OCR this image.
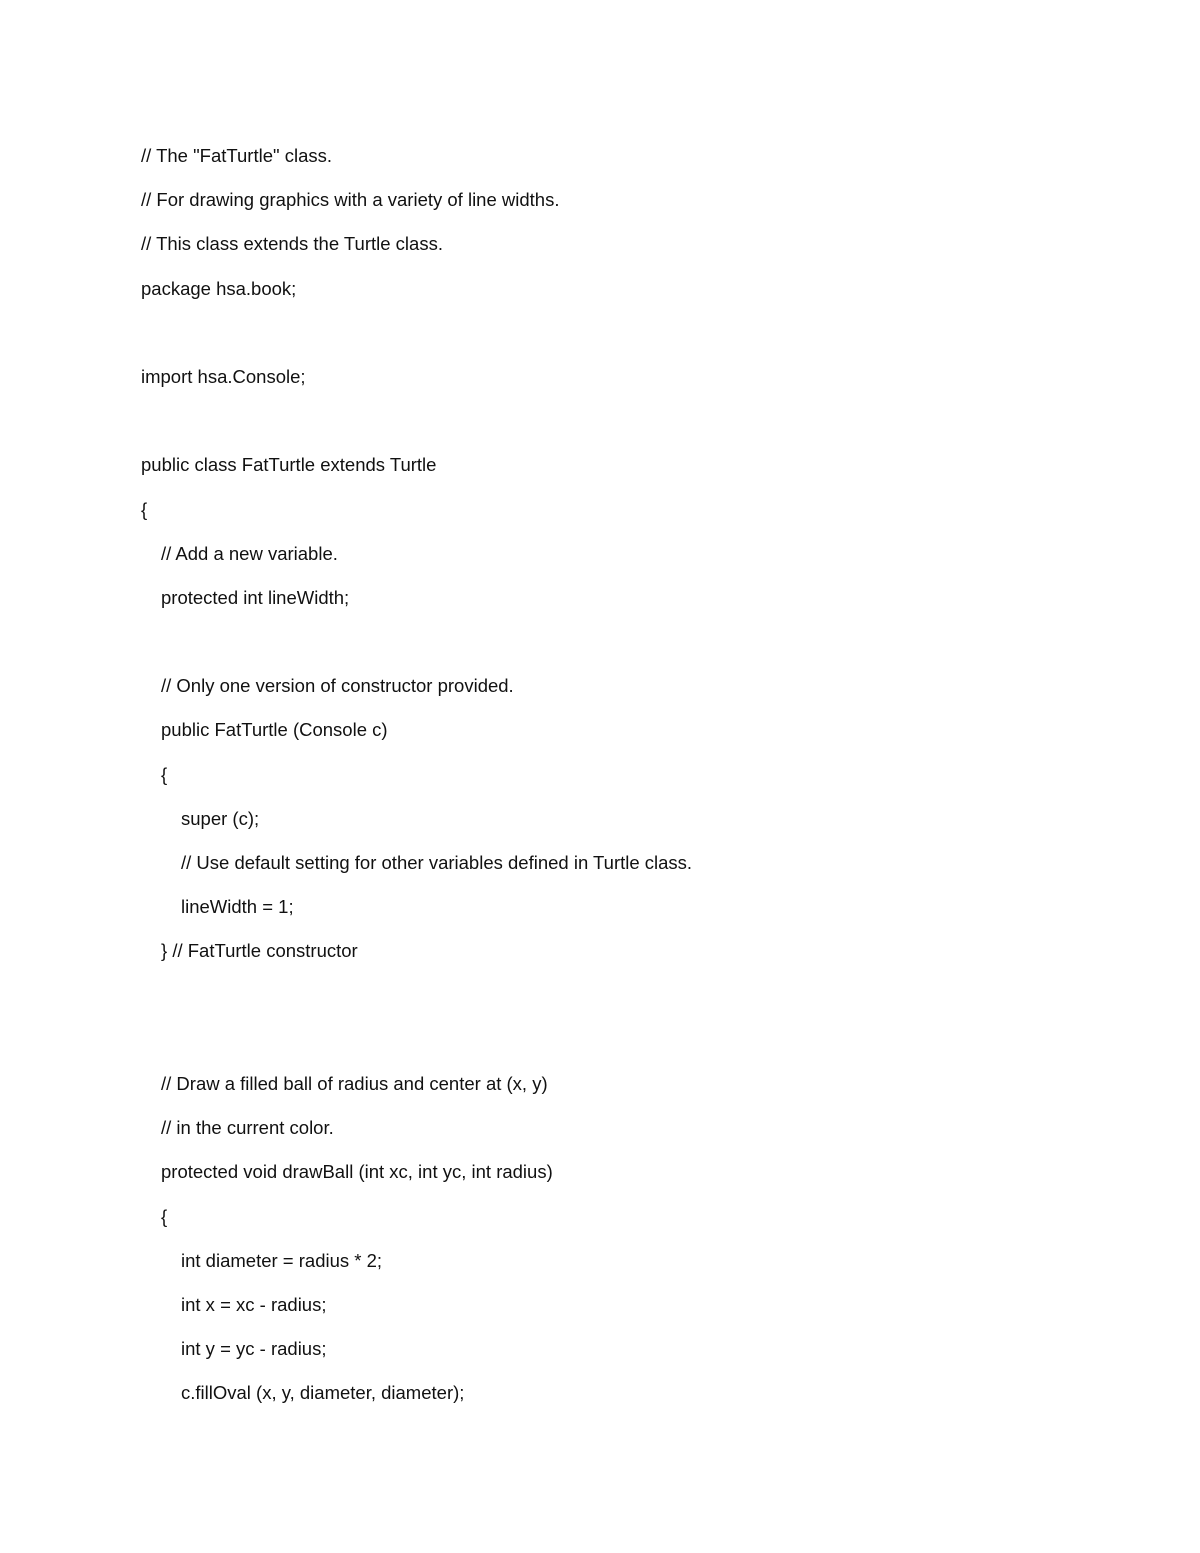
// The "FatTurtle" class.
// For drawing graphics with a variety of line widths.
// This class extends the Turtle class.
package hsa.book;
import hsa.Console;
public class FatTurtle extends Turtle
{
// Add a new variable.
protected int lineWidth;
// Only one version of constructor provided.
public FatTurtle (Console c)
{
super (c);
// Use default setting for other variables defined in Turtle class.
lineWidth = 1;
} // FatTurtle constructor
// Draw a filled ball of radius and center at (x, y)
// in the current color.
protected void drawBall (int xc, int yc, int radius)
{
int diameter = radius * 2;
int x = xc - radius;
int y = yc - radius;
c.fillOval (x, y, diameter, diameter);
